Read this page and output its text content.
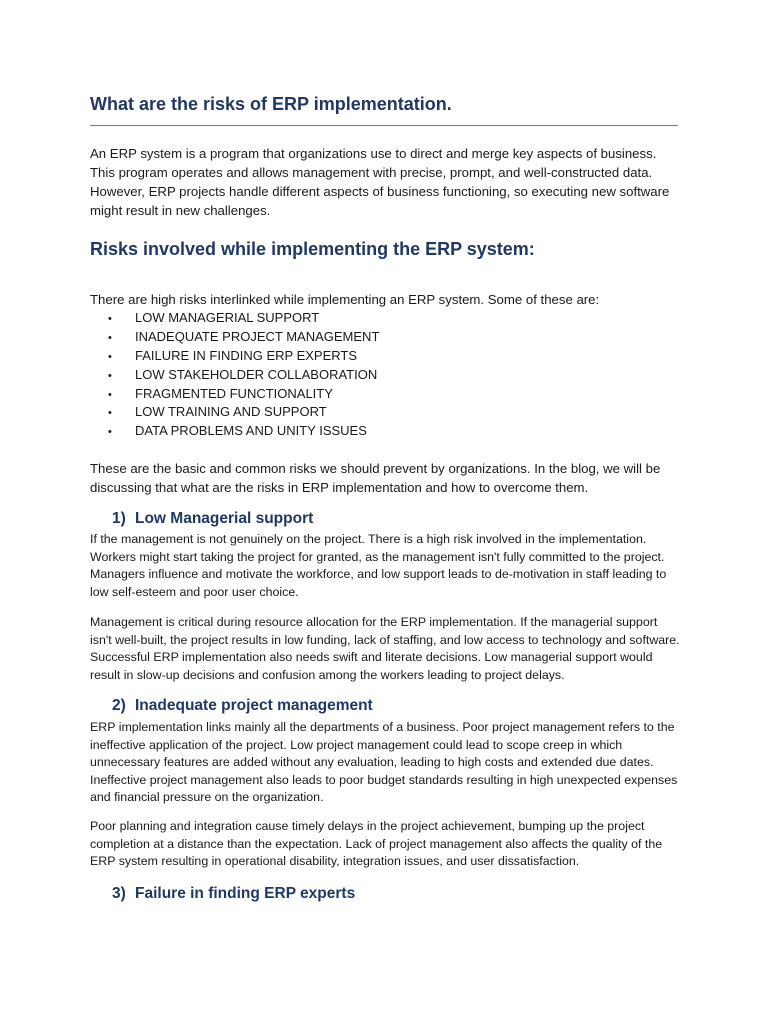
What are the risks of ERP implementation.

An ERP system is a program that organizations use to direct and merge key aspects of business. This program operates and allows management with precise, prompt, and well-constructed data. However, ERP projects handle different aspects of business functioning, so executing new software might result in new challenges.

Risks involved while implementing the ERP system:

There are high risks interlinked while implementing an ERP system. Some of these are:

• LOW MANAGERIAL SUPPORT
• INADEQUATE PROJECT MANAGEMENT
• FAILURE IN FINDING ERP EXPERTS
• LOW STAKEHOLDER COLLABORATION
• FRAGMENTED FUNCTIONALITY
• LOW TRAINING AND SUPPORT
• DATA PROBLEMS AND UNITY ISSUES

These are the basic and common risks we should prevent by organizations. In the blog, we will be discussing that what are the risks in ERP implementation and how to overcome them.

1) Low Managerial support

If the management is not genuinely on the project. There is a high risk involved in the implementation. Workers might start taking the project for granted, as the management isn't fully committed to the project. Managers influence and motivate the workforce, and low support leads to de-motivation in staff leading to low self-esteem and poor user choice.

Management is critical during resource allocation for the ERP implementation. If the managerial support isn't well-built, the project results in low funding, lack of staffing, and low access to technology and software. Successful ERP implementation also needs swift and literate decisions. Low managerial support would result in slow-up decisions and confusion among the workers leading to project delays.

2) Inadequate project management

ERP implementation links mainly all the departments of a business. Poor project management refers to the ineffective application of the project. Low project management could lead to scope creep in which unnecessary features are added without any evaluation, leading to high costs and extended due dates. Ineffective project management also leads to poor budget standards resulting in high unexpected expenses and financial pressure on the organization.

Poor planning and integration cause timely delays in the project achievement, bumping up the project completion at a distance than the expectation. Lack of project management also affects the quality of the ERP system resulting in operational disability, integration issues, and user dissatisfaction.

3) Failure in finding ERP experts
